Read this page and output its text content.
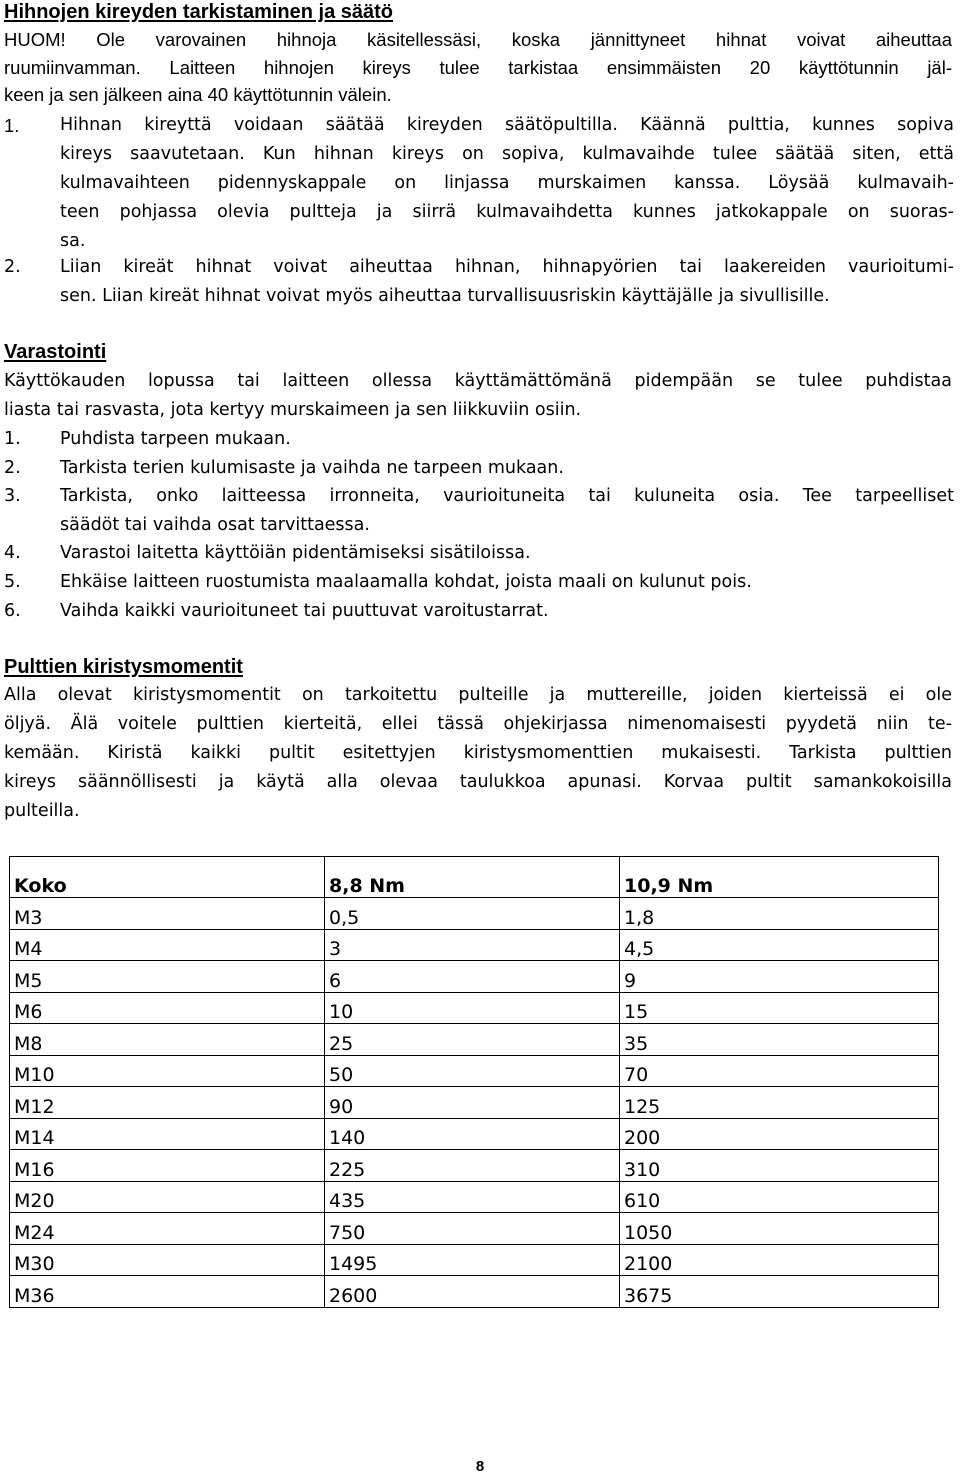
Hihnojen kireyden tarkistaminen ja säätö
HUOM! Ole varovainen hihnoja käsitellessäsi, koska jännittyneet hihnat voivat aiheuttaa
ruumiinvamman. Laitteen hihnojen kireys tulee tarkistaa ensimmäisten 20 käyttötunnin jäl-
keen ja sen jälkeen aina 40 käyttötunnin välein.
1. Hihnan kireyttä voidaan säätää kireyden säätöpultilla. Käännä pulttia, kunnes sopiva
kireys saavutetaan. Kun hihnan kireys on sopiva, kulmavaihde tulee säätää siten, että
kulmavaihteen pidennyskappale on linjassa murskaimen kanssa. Löysää kulmavaih-
teen pohjassa olevia pultteja ja siirrä kulmavaihdetta kunnes jatkokappale on suoras-
sa.
2. Liian kireät hihnat voivat aiheuttaa hihnan, hihnapyörien tai laakereiden vaurioitumi-
sen. Liian kireät hihnat voivat myös aiheuttaa turvallisuusriskin käyttäjälle ja sivullisille.
Varastointi
Käyttökauden lopussa tai laitteen ollessa käyttämättömänä pidempään se tulee puhdistaa
liasta tai rasvasta, jota kertyy murskaimeen ja sen liikkuviin osiin.
1. Puhdista tarpeen mukaan.
2. Tarkista terien kulumisaste ja vaihda ne tarpeen mukaan.
3. Tarkista, onko laitteessa irronneita, vaurioituneita tai kuluneita osia. Tee tarpeelliset
säädöt tai vaihda osat tarvittaessa.
4. Varastoi laitetta käyttöiän pidentämiseksi sisätiloissa.
5. Ehkäise laitteen ruostumista maalaamalla kohdat, joista maali on kulunut pois.
6. Vaihda kaikki vaurioituneet tai puuttuvat varoitustarrat.
Pulttien kiristysmomentit
Alla olevat kiristysmomentit on tarkoitettu pulteille ja muttereille, joiden kierteissä ei ole
öljyä. Älä voitele pulttien kierteitä, ellei tässä ohjekirjassa nimenomaisesti pyydetä niin te-
kemään. Kiristä kaikki pultit esitettyjen kiristysmomenttien mukaisesti. Tarkista pulttien
kireys säännöllisesti ja käytä alla olevaa taulukkoa apunasi. Korvaa pultit samankokoisilla
pulteilla.
Koko	8,8 Nm	10,9 Nm
M3	0,5	1,8
M4	3	4,5
M5	6	9
M6	10	15
M8	25	35
M10	50	70
M12	90	125
M14	140	200
M16	225	310
M20	435	610
M24	750	1050
M30	1495	2100
M36	2600	3675
8
